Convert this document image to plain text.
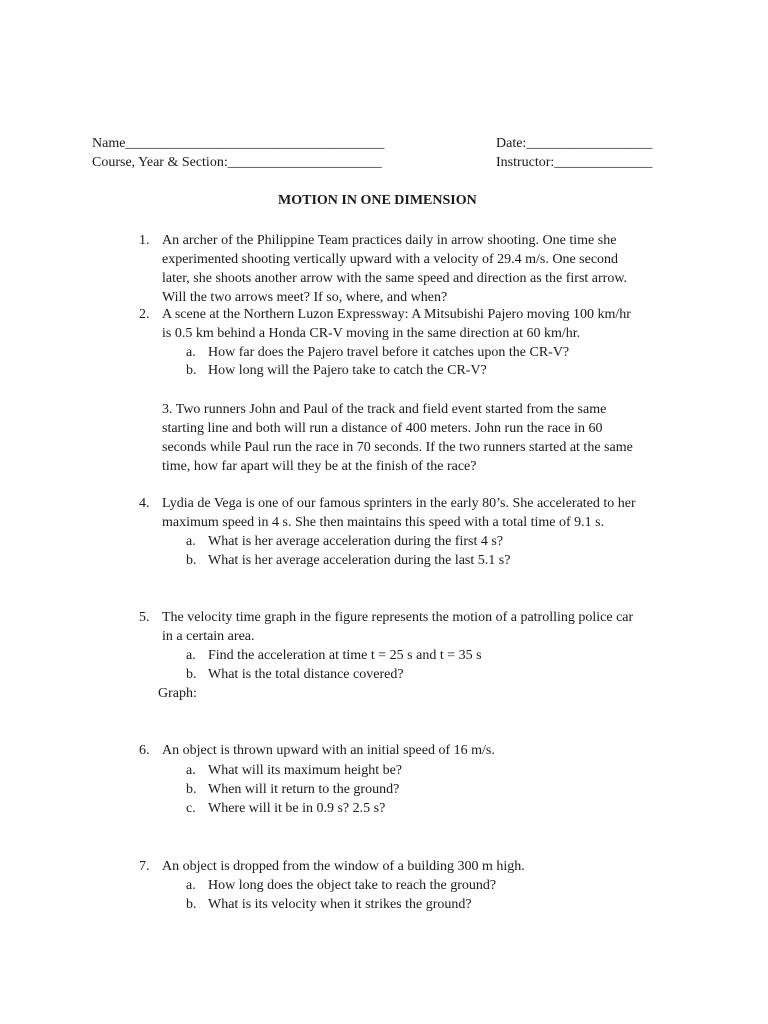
Name_____________________________________	Date:__________________
Course, Year & Section:______________________	Instructor:______________
MOTION IN ONE DIMENSION
1. An archer of the Philippine Team practices daily in arrow shooting. One time she
experimented shooting vertically upward with a velocity of 29.4 m/s. One second
later, she shoots another arrow with the same speed and direction as the first arrow.
Will the two arrows meet? If so, where, and when?
2. A scene at the Northern Luzon Expressway: A Mitsubishi Pajero moving 100 km/hr
is 0.5 km behind a Honda CR-V moving in the same direction at 60 km/hr.
a. How far does the Pajero travel before it catches upon the CR-V?
b. How long will the Pajero take to catch the CR-V?
3. Two runners John and Paul of the track and field event started from the same
starting line and both will run a distance of 400 meters. John run the race in 60
seconds while Paul run the race in 70 seconds. If the two runners started at the same
time, how far apart will they be at the finish of the race?
4. Lydia de Vega is one of our famous sprinters in the early 80’s. She accelerated to her
maximum speed in 4 s. She then maintains this speed with a total time of 9.1 s.
a. What is her average acceleration during the first 4 s?
b. What is her average acceleration during the last 5.1 s?
5. The velocity time graph in the figure represents the motion of a patrolling police car
in a certain area.
a. Find the acceleration at time t = 25 s and t = 35 s
b. What is the total distance covered?
Graph:
6. An object is thrown upward with an initial speed of 16 m/s.
a. What will its maximum height be?
b. When will it return to the ground?
c. Where will it be in 0.9 s? 2.5 s?
7. An object is dropped from the window of a building 300 m high.
a. How long does the object take to reach the ground?
b. What is its velocity when it strikes the ground?
